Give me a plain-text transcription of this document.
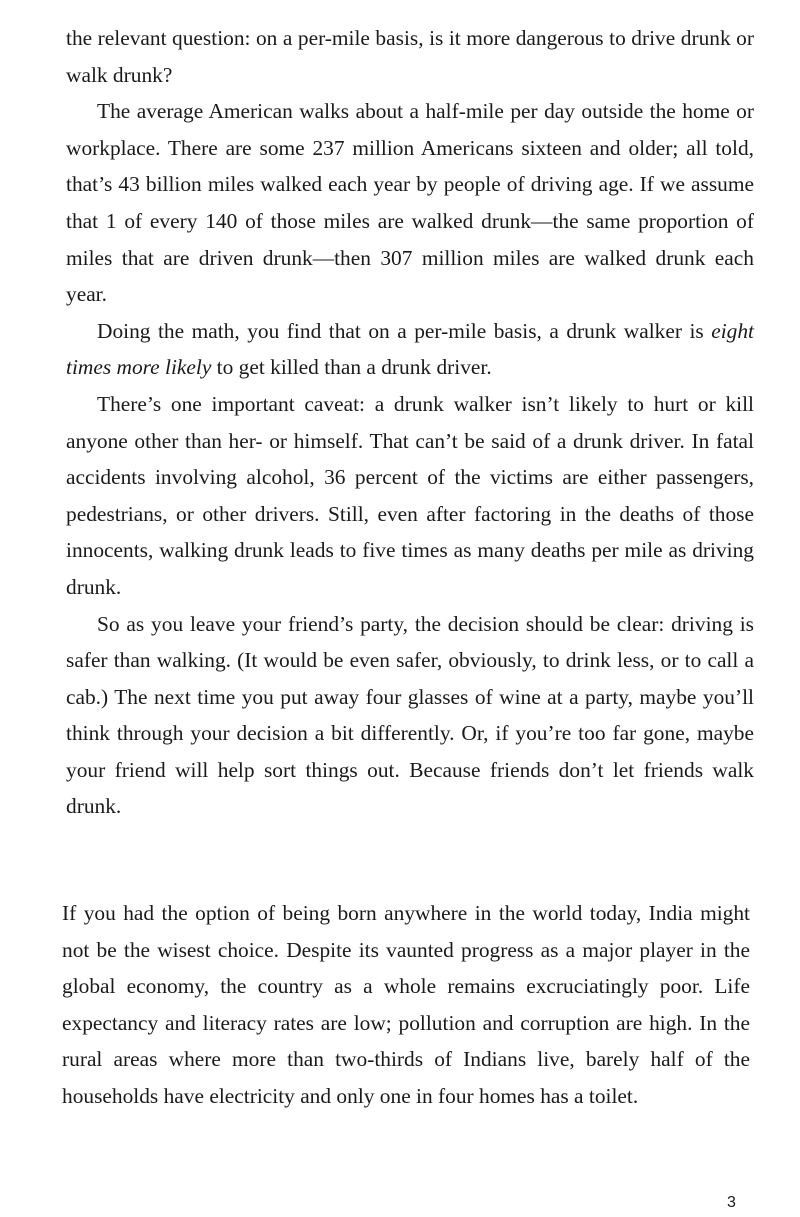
the relevant question: on a per-mile basis, is it more dangerous to drive drunk or walk drunk?

The average American walks about a half-mile per day outside the home or workplace. There are some 237 million Americans sixteen and older; all told, that’s 43 billion miles walked each year by people of driving age. If we assume that 1 of every 140 of those miles are walked drunk—the same proportion of miles that are driven drunk—then 307 million miles are walked drunk each year.

Doing the math, you find that on a per-mile basis, a drunk walker is eight times more likely to get killed than a drunk driver.

There’s one important caveat: a drunk walker isn’t likely to hurt or kill anyone other than her- or himself. That can’t be said of a drunk driver. In fatal accidents involving alcohol, 36 percent of the victims are either passengers, pedestrians, or other drivers. Still, even after factoring in the deaths of those innocents, walking drunk leads to five times as many deaths per mile as driving drunk.

So as you leave your friend’s party, the decision should be clear: driving is safer than walking. (It would be even safer, obviously, to drink less, or to call a cab.) The next time you put away four glasses of wine at a party, maybe you’ll think through your decision a bit differently. Or, if you’re too far gone, maybe your friend will help sort things out. Because friends don’t let friends walk drunk.

If you had the option of being born anywhere in the world today, India might not be the wisest choice. Despite its vaunted progress as a major player in the global economy, the country as a whole remains excruciatingly poor. Life expectancy and literacy rates are low; pollution and corruption are high. In the rural areas where more than two-thirds of Indians live, barely half of the households have electricity and only one in four homes has a toilet.

3
